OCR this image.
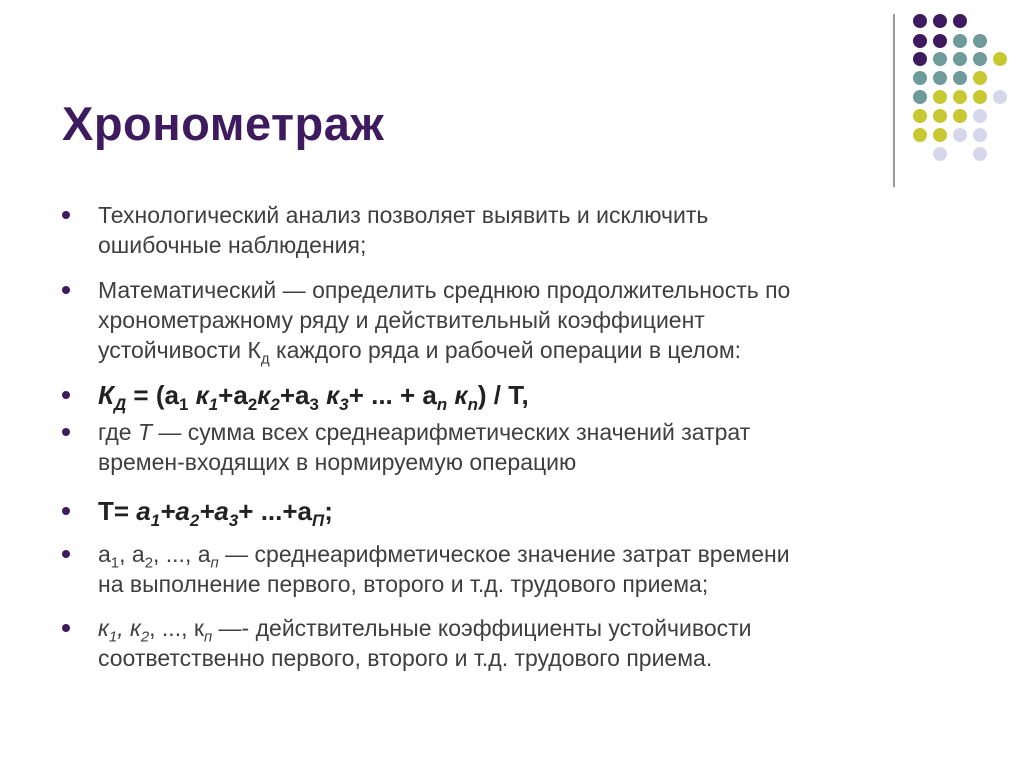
Хронометраж
Технологический анализ позволяет выявить и исключить
ошибочные наблюдения;
Математический — определить среднюю продолжительность по
хронометражному ряду и действительный коэффициент
устойчивости $К_д$ каждого ряда и рабочей операции в целом:
$К_Д = (а_1$ $к_1+а_2к_2+а_3$ $к_3+$ ... + $а_n$ $к_n$) / Т,
где Т — сумма всех среднеарифметических значений затрат
времен-входящих в нормируемую операцию
$Т= а_1+а_2+а_3+ ...+а_П$;
$а_1$, $а_2$, ..., $а_п$ — среднеарифметическое значение затрат времени
на выполнение первого, второго и т.д. трудового приема;
$к_1$, $к_2$, ..., $к_п$ —- действительные коэффициенты устойчивости
соответственно первого, второго и т.д. трудового приема.
